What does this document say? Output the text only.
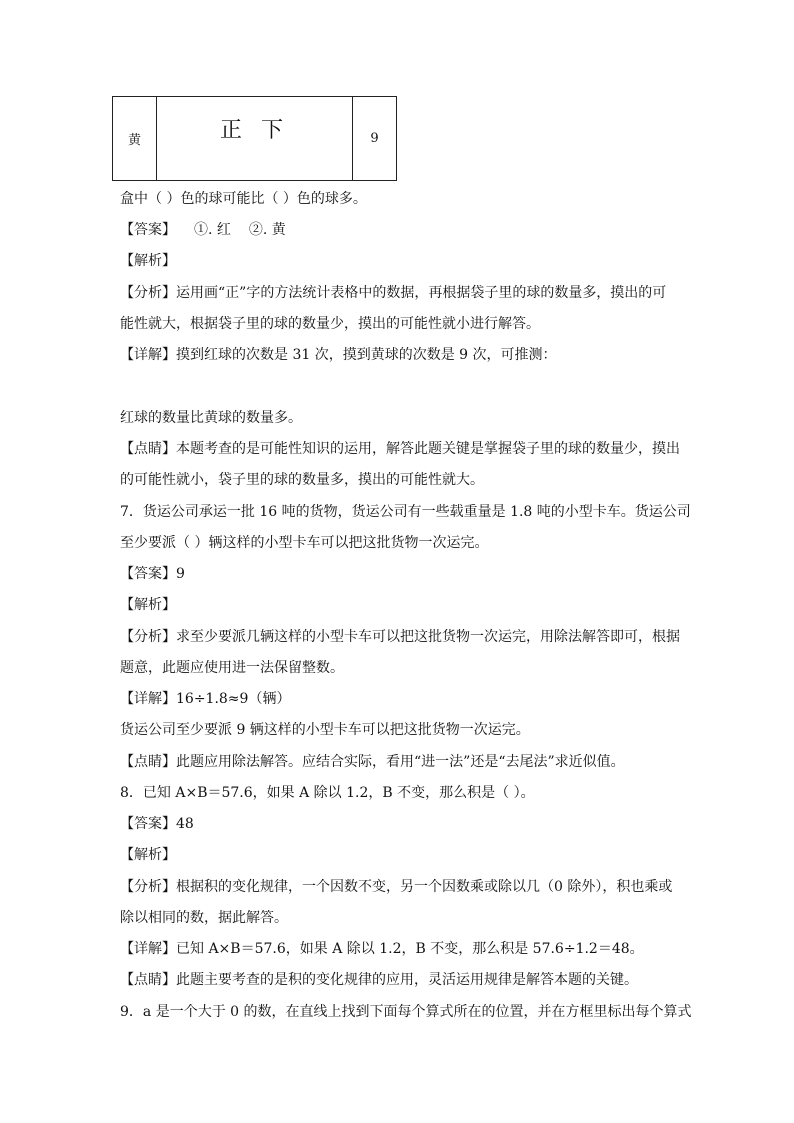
黄	正 下	9
盒中（ ）色的球可能比（ ）色的球多。
【答案】 ①. 红 ②. 黄
【解析】
【分析】运用画“正”字的方法统计表格中的数据，再根据袋子里的球的数量多，摸出的可
能性就大，根据袋子里的球的数量少，摸出的可能性就小进行解答。
【详解】摸到红球的次数是 31 次，摸到黄球的次数是 9 次，可推测：
红球的数量比黄球的数量多。
【点睛】本题考查的是可能性知识的运用，解答此题关键是掌握袋子里的球的数量少，摸出
的可能性就小，袋子里的球的数量多，摸出的可能性就大。
7．货运公司承运一批 16 吨的货物，货运公司有一些载重量是 1.8 吨的小型卡车。货运公司
至少要派（ ）辆这样的小型卡车可以把这批货物一次运完。
【答案】9
【解析】
【分析】求至少要派几辆这样的小型卡车可以把这批货物一次运完，用除法解答即可，根据
题意，此题应使用进一法保留整数。
【详解】16÷1.8≈9（辆）
货运公司至少要派 9 辆这样的小型卡车可以把这批货物一次运完。
【点睛】此题应用除法解答。应结合实际，看用“进一法”还是“去尾法”求近似值。
8．已知 A×B＝57.6，如果 A 除以 1.2，B 不变，那么积是（ ）。
【答案】48
【解析】
【分析】根据积的变化规律，一个因数不变，另一个因数乘或除以几（0 除外），积也乘或
除以相同的数，据此解答。
【详解】已知 A×B＝57.6，如果 A 除以 1.2，B 不变，那么积是 57.6÷1.2＝48。
【点睛】此题主要考查的是积的变化规律的应用，灵活运用规律是解答本题的关键。
9．a 是一个大于 0 的数，在直线上找到下面每个算式所在的位置，并在方框里标出每个算式
